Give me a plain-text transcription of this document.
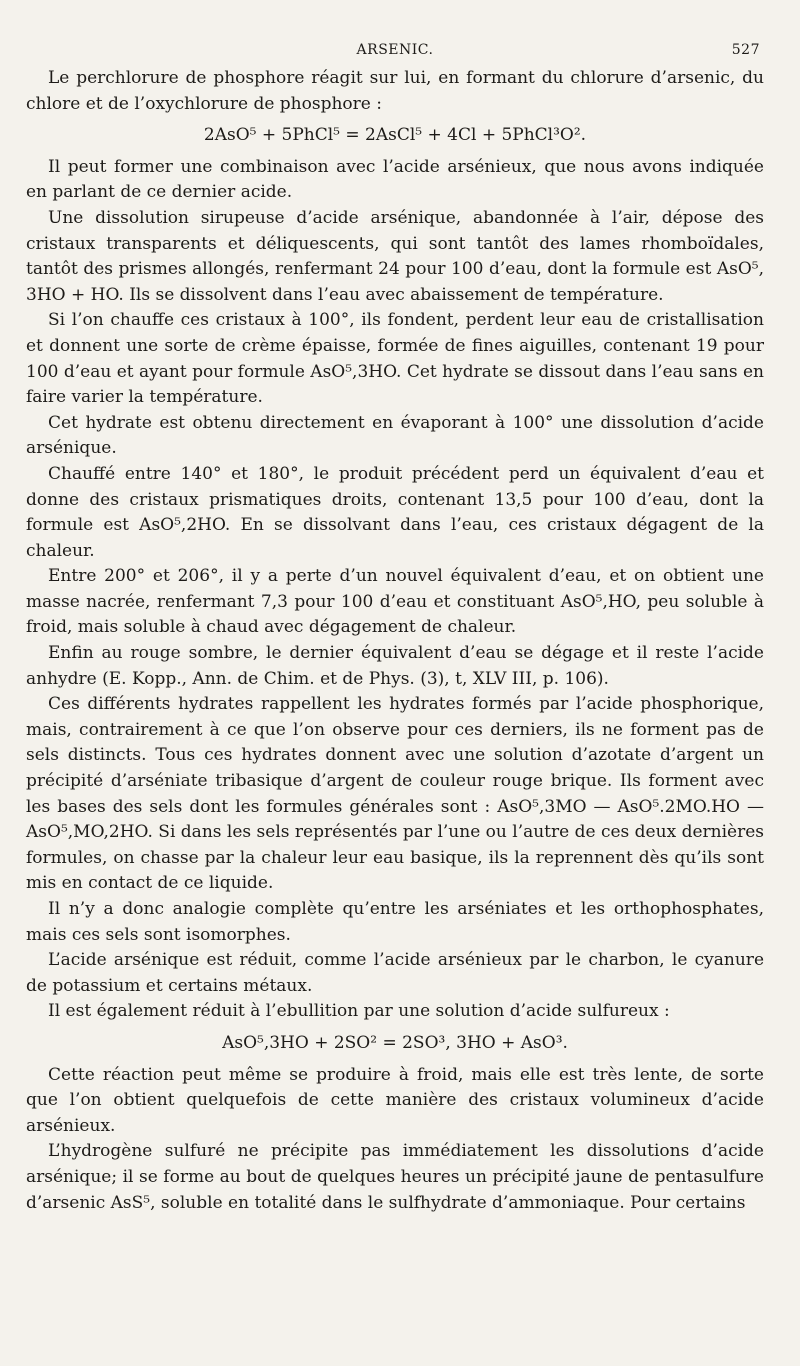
ARSENIC.	527

Le perchlorure de phosphore réagit sur lui, en formant du chlorure d’arsenic, du chlore et de l’oxychlorure de phosphore :

2AsO⁵ + 5PhCl⁵ = 2AsCl⁵ + 4Cl + 5PhCl³O².

Il peut former une combinaison avec l’acide arsénieux, que nous avons indiquée en parlant de ce dernier acide.

Une dissolution sirupeuse d’acide arsénique, abandonnée à l’air, dépose des cristaux transparents et déliquescents, qui sont tantôt des lames rhomboïdales, tantôt des prismes allongés, renfermant 24 pour 100 d’eau, dont la formule est AsO⁵, 3HO + HO. Ils se dissolvent dans l’eau avec abaissement de température.

Si l’on chauffe ces cristaux à 100°, ils fondent, perdent leur eau de cristallisation et donnent une sorte de crème épaisse, formée de fines aiguilles, contenant 19 pour 100 d’eau et ayant pour formule AsO⁵,3HO. Cet hydrate se dissout dans l’eau sans en faire varier la température.

Cet hydrate est obtenu directement en évaporant à 100° une dissolution d’acide arsénique.

Chauffé entre 140° et 180°, le produit précédent perd un équivalent d’eau et donne des cristaux prismatiques droits, contenant 13,5 pour 100 d’eau, dont la formule est AsO⁵,2HO. En se dissolvant dans l’eau, ces cristaux dégagent de la chaleur.

Entre 200° et 206°, il y a perte d’un nouvel équivalent d’eau, et on obtient une masse nacrée, renfermant 7,3 pour 100 d’eau et constituant AsO⁵,HO, peu soluble à froid, mais soluble à chaud avec dégagement de chaleur.

Enfin au rouge sombre, le dernier équivalent d’eau se dégage et il reste l’acide anhydre (E. Kopp., Ann. de Chim. et de Phys. (3), t, XLV III, p. 106).

Ces différents hydrates rappellent les hydrates formés par l’acide phosphorique, mais, contrairement à ce que l’on observe pour ces derniers, ils ne forment pas de sels distincts. Tous ces hydrates donnent avec une solution d’azotate d’argent un précipité d’arséniate tribasique d’argent de couleur rouge brique. Ils forment avec les bases des sels dont les formules générales sont : AsO⁵,3MO — AsO⁵.2MO.HO — AsO⁵,MO,2HO. Si dans les sels représentés par l’une ou l’autre de ces deux dernières formules, on chasse par la chaleur leur eau basique, ils la reprennent dès qu’ils sont mis en contact de ce liquide.

Il n’y a donc analogie complète qu’entre les arséniates et les orthophosphates, mais ces sels sont isomorphes.

L’acide arsénique est réduit, comme l’acide arsénieux par le charbon, le cyanure de potassium et certains métaux.

Il est également réduit à l’ebullition par une solution d’acide sulfureux :

AsO⁵,3HO + 2SO² = 2SO³, 3HO + AsO³.

Cette réaction peut même se produire à froid, mais elle est très lente, de sorte que l’on obtient quelquefois de cette manière des cristaux volumineux d’acide arsénieux.

L’hydrogène sulfuré ne précipite pas immédiatement les dissolutions d’acide arsénique; il se forme au bout de quelques heures un précipité jaune de pentasulfure d’arsenic AsS⁵, soluble en totalité dans le sulfhydrate d’ammoniaque. Pour certains
